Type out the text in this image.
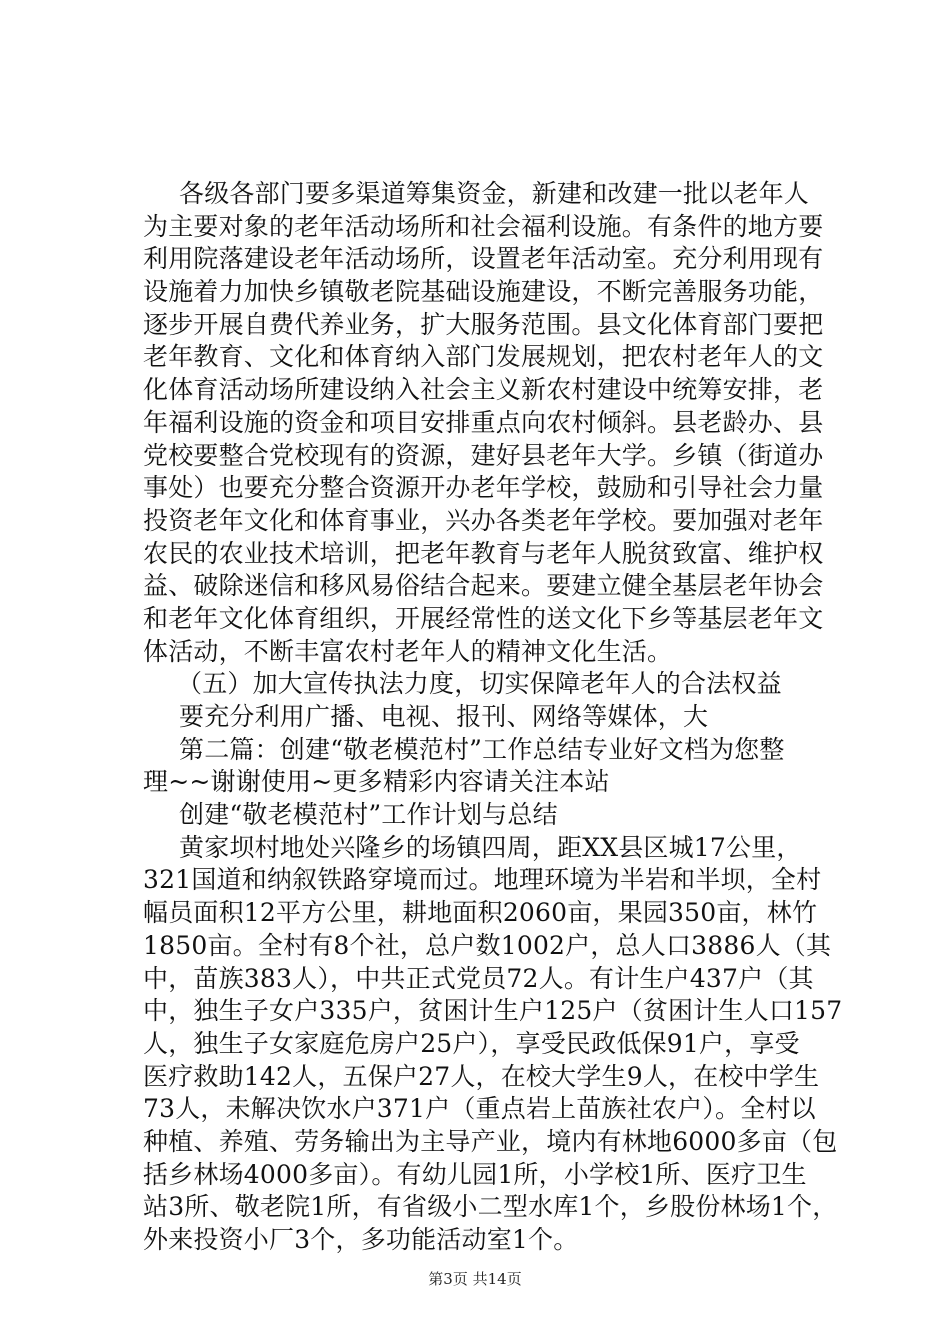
各级各部门要多渠道筹集资金，新建和改建一批以老年人
为主要对象的老年活动场所和社会福利设施。有条件的地方要
利用院落建设老年活动场所，设置老年活动室。充分利用现有
设施着力加快乡镇敬老院基础设施建设，不断完善服务功能，
逐步开展自费代养业务，扩大服务范围。县文化体育部门要把
老年教育、文化和体育纳入部门发展规划，把农村老年人的文
化体育活动场所建设纳入社会主义新农村建设中统筹安排，老
年福利设施的资金和项目安排重点向农村倾斜。县老龄办、县
党校要整合党校现有的资源，建好县老年大学。乡镇（街道办
事处）也要充分整合资源开办老年学校，鼓励和引导社会力量
投资老年文化和体育事业，兴办各类老年学校。要加强对老年
农民的农业技术培训，把老年教育与老年人脱贫致富、维护权
益、破除迷信和移风易俗结合起来。要建立健全基层老年协会
和老年文化体育组织，开展经常性的送文化下乡等基层老年文
体活动，不断丰富农村老年人的精神文化生活。
（五）加大宣传执法力度，切实保障老年人的合法权益
要充分利用广播、电视、报刊、网络等媒体，大
第二篇：创建“敬老模范村”工作总结专业好文档为您整
理~~谢谢使用~更多精彩内容请关注本站
创建“敬老模范村”工作计划与总结
黄家坝村地处兴隆乡的场镇四周，距XX县区城17公里，
321国道和纳叙铁路穿境而过。地理环境为半岩和半坝，全村
幅员面积12平方公里，耕地面积2060亩，果园350亩，林竹
1850亩。全村有8个社，总户数1002户，总人口3886人（其
中，苗族383人），中共正式党员72人。有计生户437户（其
中，独生子女户335户，贫困计生户125户（贫困计生人口157
人，独生子女家庭危房户25户），享受民政低保91户，享受
医疗救助142人，五保户27人，在校大学生9人，在校中学生
73人，未解决饮水户371户（重点岩上苗族社农户）。全村以
种植、养殖、劳务输出为主导产业，境内有林地6000多亩（包
括乡林场4000多亩）。有幼儿园1所，小学校1所、医疗卫生
站3所、敬老院1所，有省级小二型水库1个，乡股份林场1个，
外来投资小厂3个，多功能活动室1个。
第3页 共14页
